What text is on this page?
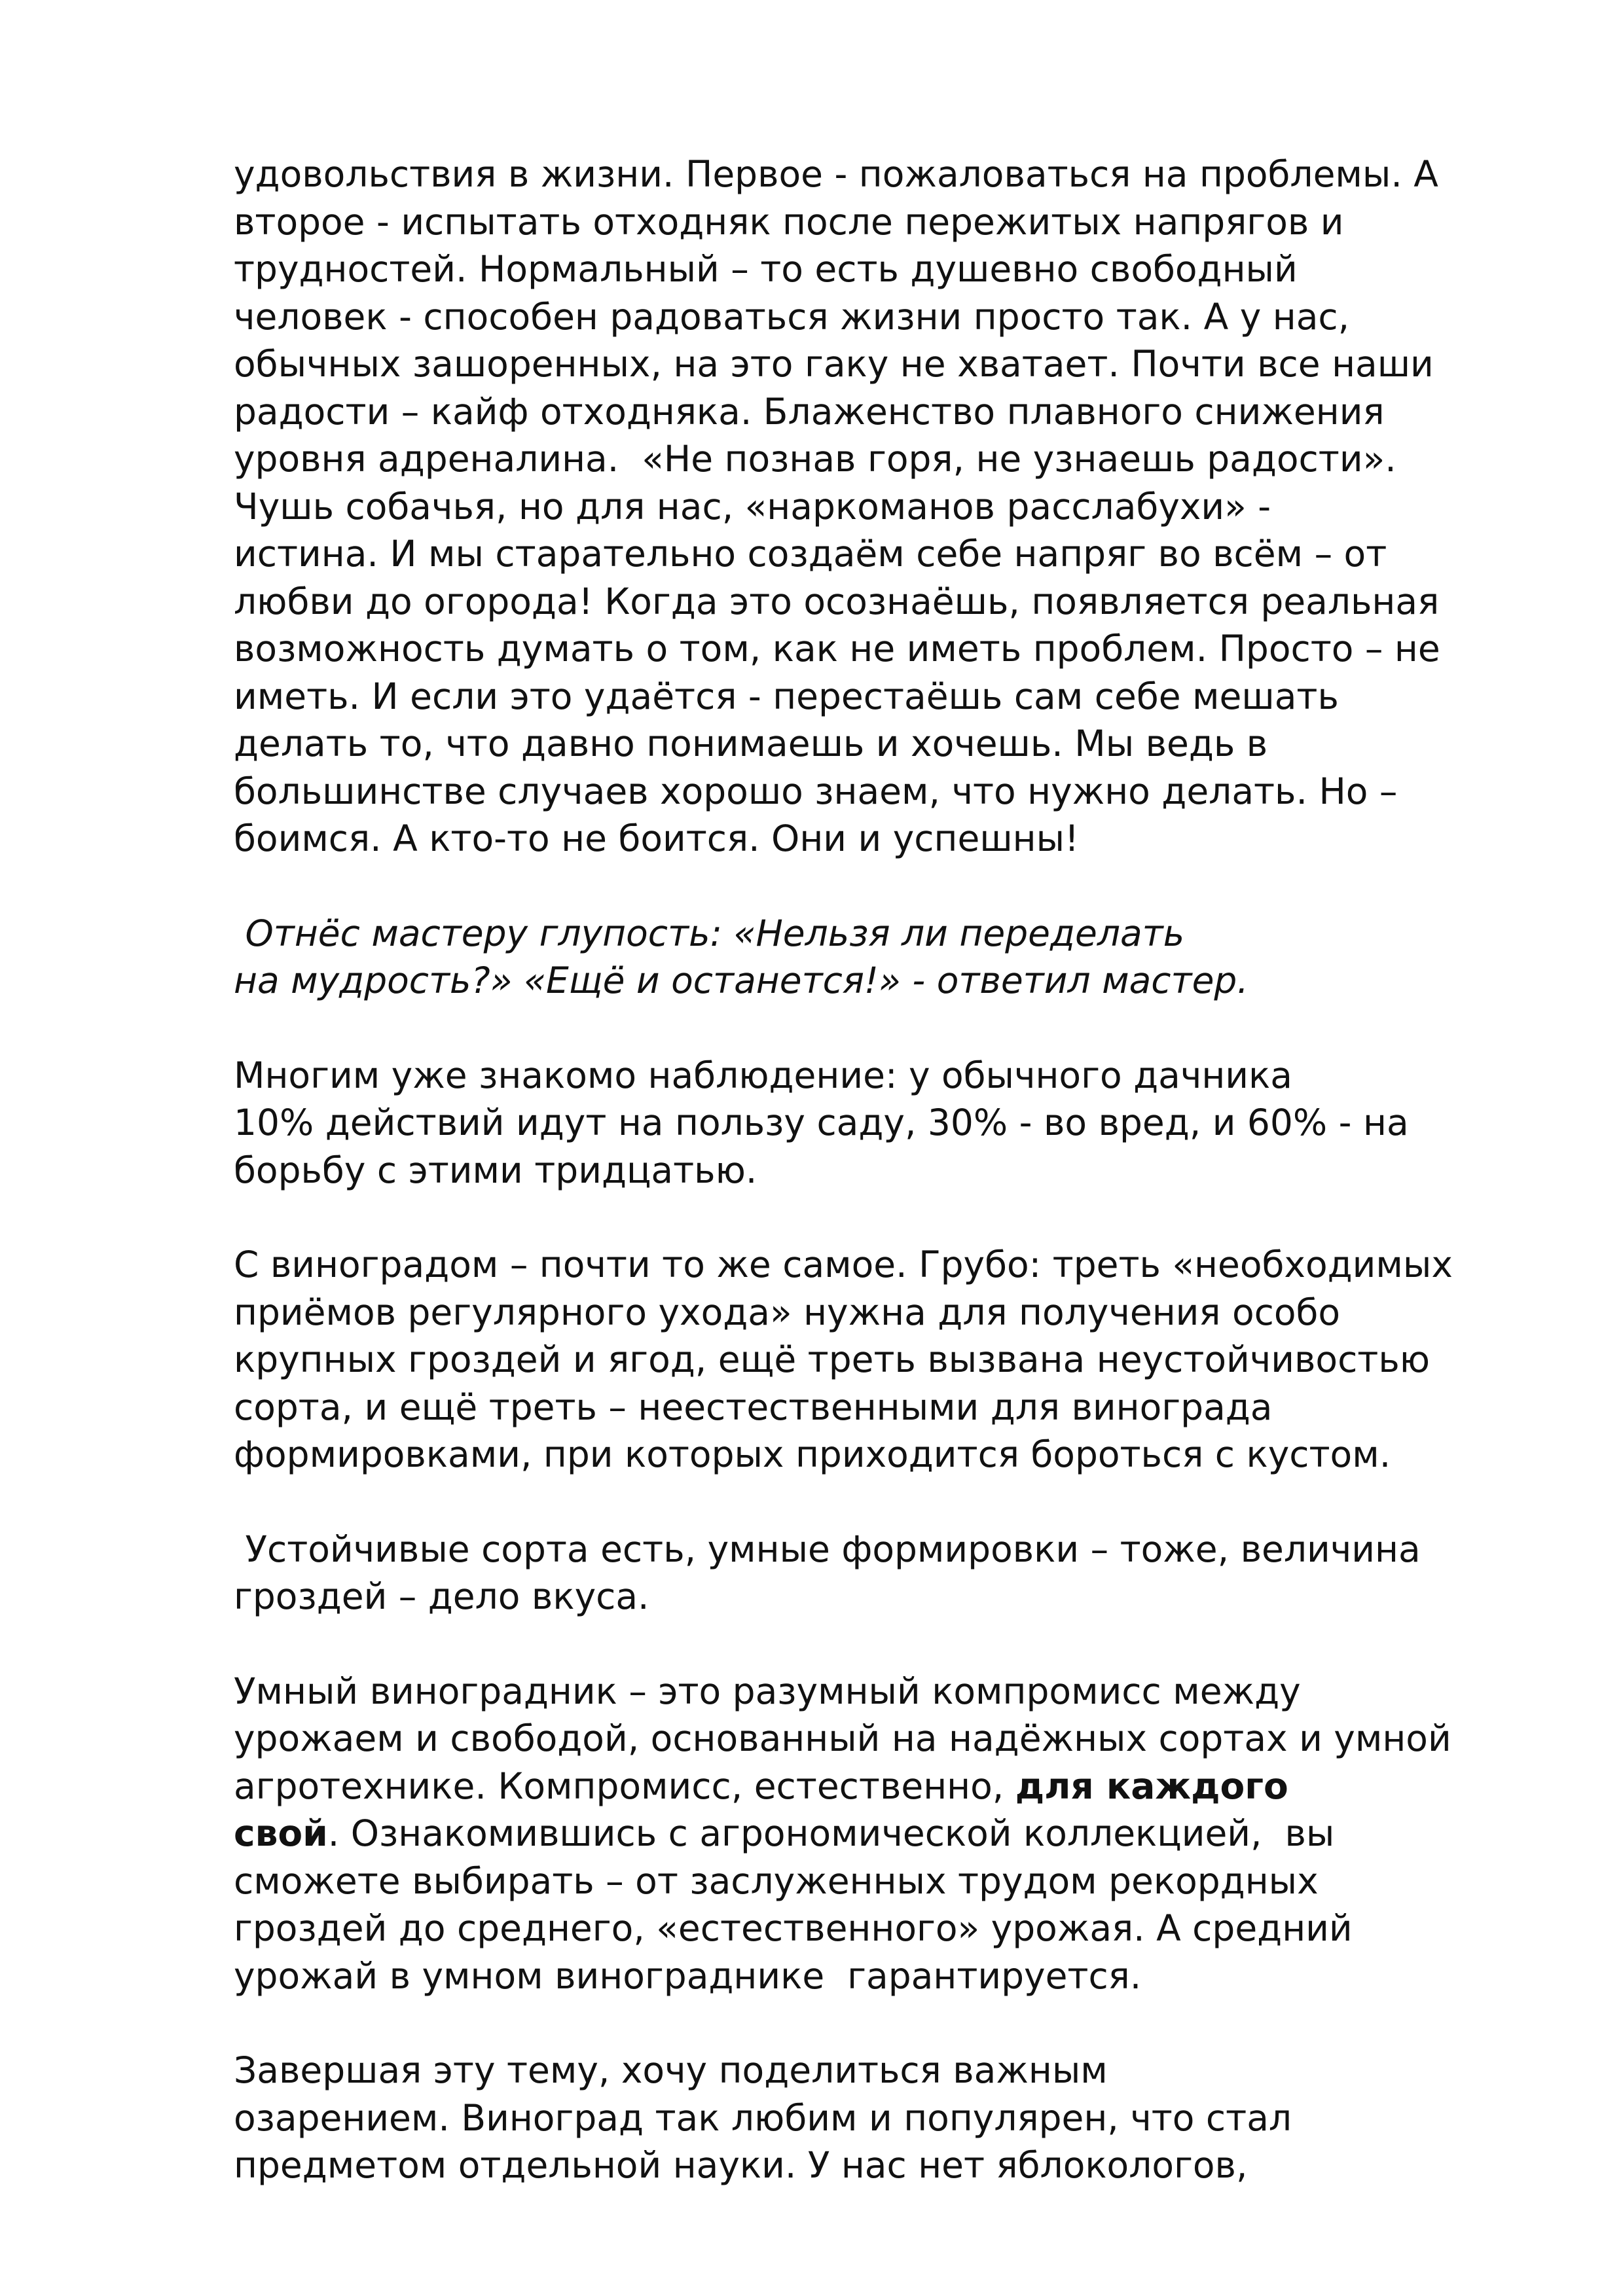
удовольствия в жизни. Первое - пожаловаться на проблемы. А
второе - испытать отходняк после пережитых напрягов и
трудностей. Нормальный – то есть душевно свободный
человек - способен радоваться жизни просто так. А у нас,
обычных зашоренных, на это гаку не хватает. Почти все наши
радости – кайф отходняка. Блаженство плавного снижения
уровня адреналина.  «Не познав горя, не узнаешь радости».
Чушь собачья, но для нас, «наркоманов расслабухи» -
истина. И мы старательно создаём себе напряг во всём – от
любви до огорода! Когда это осознаёшь, появляется реальная
возможность думать о том, как не иметь проблем. Просто – не
иметь. И если это удаётся - перестаёшь сам себе мешать
делать то, что давно понимаешь и хочешь. Мы ведь в
большинстве случаев хорошо знаем, что нужно делать. Но –
боимся. А кто-то не боится. Они и успешны!

Отнёс мастеру глупость: «Нельзя ли переделать
на мудрость?» «Ещё и останется!» - ответил мастер.

Многим уже знакомо наблюдение: у обычного дачника
10% действий идут на пользу саду, 30% - во вред, и 60% - на
борьбу с этими тридцатью.

С виноградом – почти то же самое. Грубо: треть «необходимых
приёмов регулярного ухода» нужна для получения особо
крупных гроздей и ягод, ещё треть вызвана неустойчивостью
сорта, и ещё треть – неестественными для винограда
формировками, при которых приходится бороться с кустом.

Устойчивые сорта есть, умные формировки – тоже, величина
гроздей – дело вкуса.

Умный виноградник – это разумный компромисс между
урожаем и свободой, основанный на надёжных сортах и умной
агротехнике. Компромисс, естественно, для каждого
свой. Ознакомившись с агрономической коллекцией,  вы
сможете выбирать – от заслуженных трудом рекордных
гроздей до среднего, «естественного» урожая. А средний
урожай в умном винограднике  гарантируется.

Завершая эту тему, хочу поделиться важным
озарением. Виноград так любим и популярен, что стал
предметом отдельной науки. У нас нет яблокологов,
